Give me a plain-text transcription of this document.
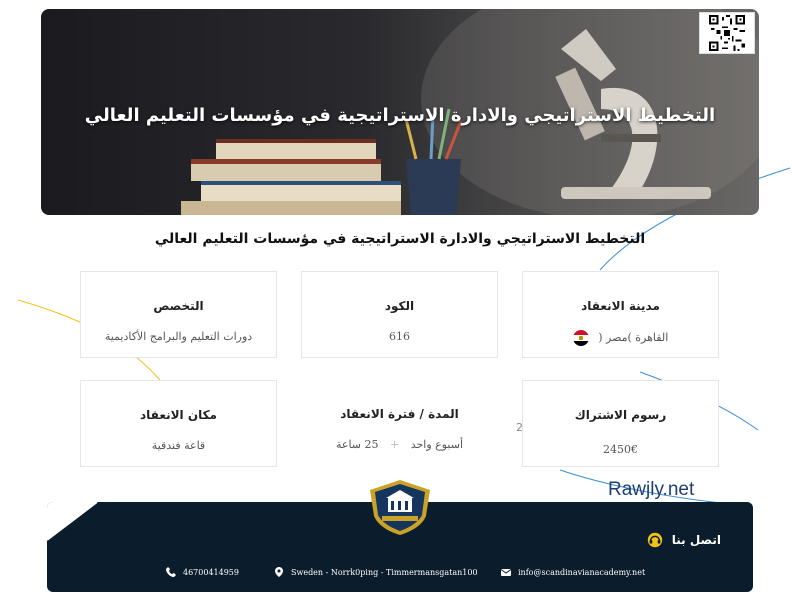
التخطيط الاستراتيجي والادارة الاستراتيجية في مؤسسات التعليم العالي
التخطيط الاستراتيجي والادارة الاستراتيجية في مؤسسات التعليم العالي
مدينة الانعقاد
القاهرة )مصر (
الكود
616
التخصص
دورات التعليم والبرامج الأكاديمية
رسوم الاشتراك
2450€
المدة / فترة الانعقاد
أسبوع واحد + 25 ساعة
مكان الانعقاد
قاعة فندقية
2
Rawjly.net
اتصل بنا
46700414959	Sweden - Norrk0ping - Timmermansgatan100	info@scandinavianacademy.net
